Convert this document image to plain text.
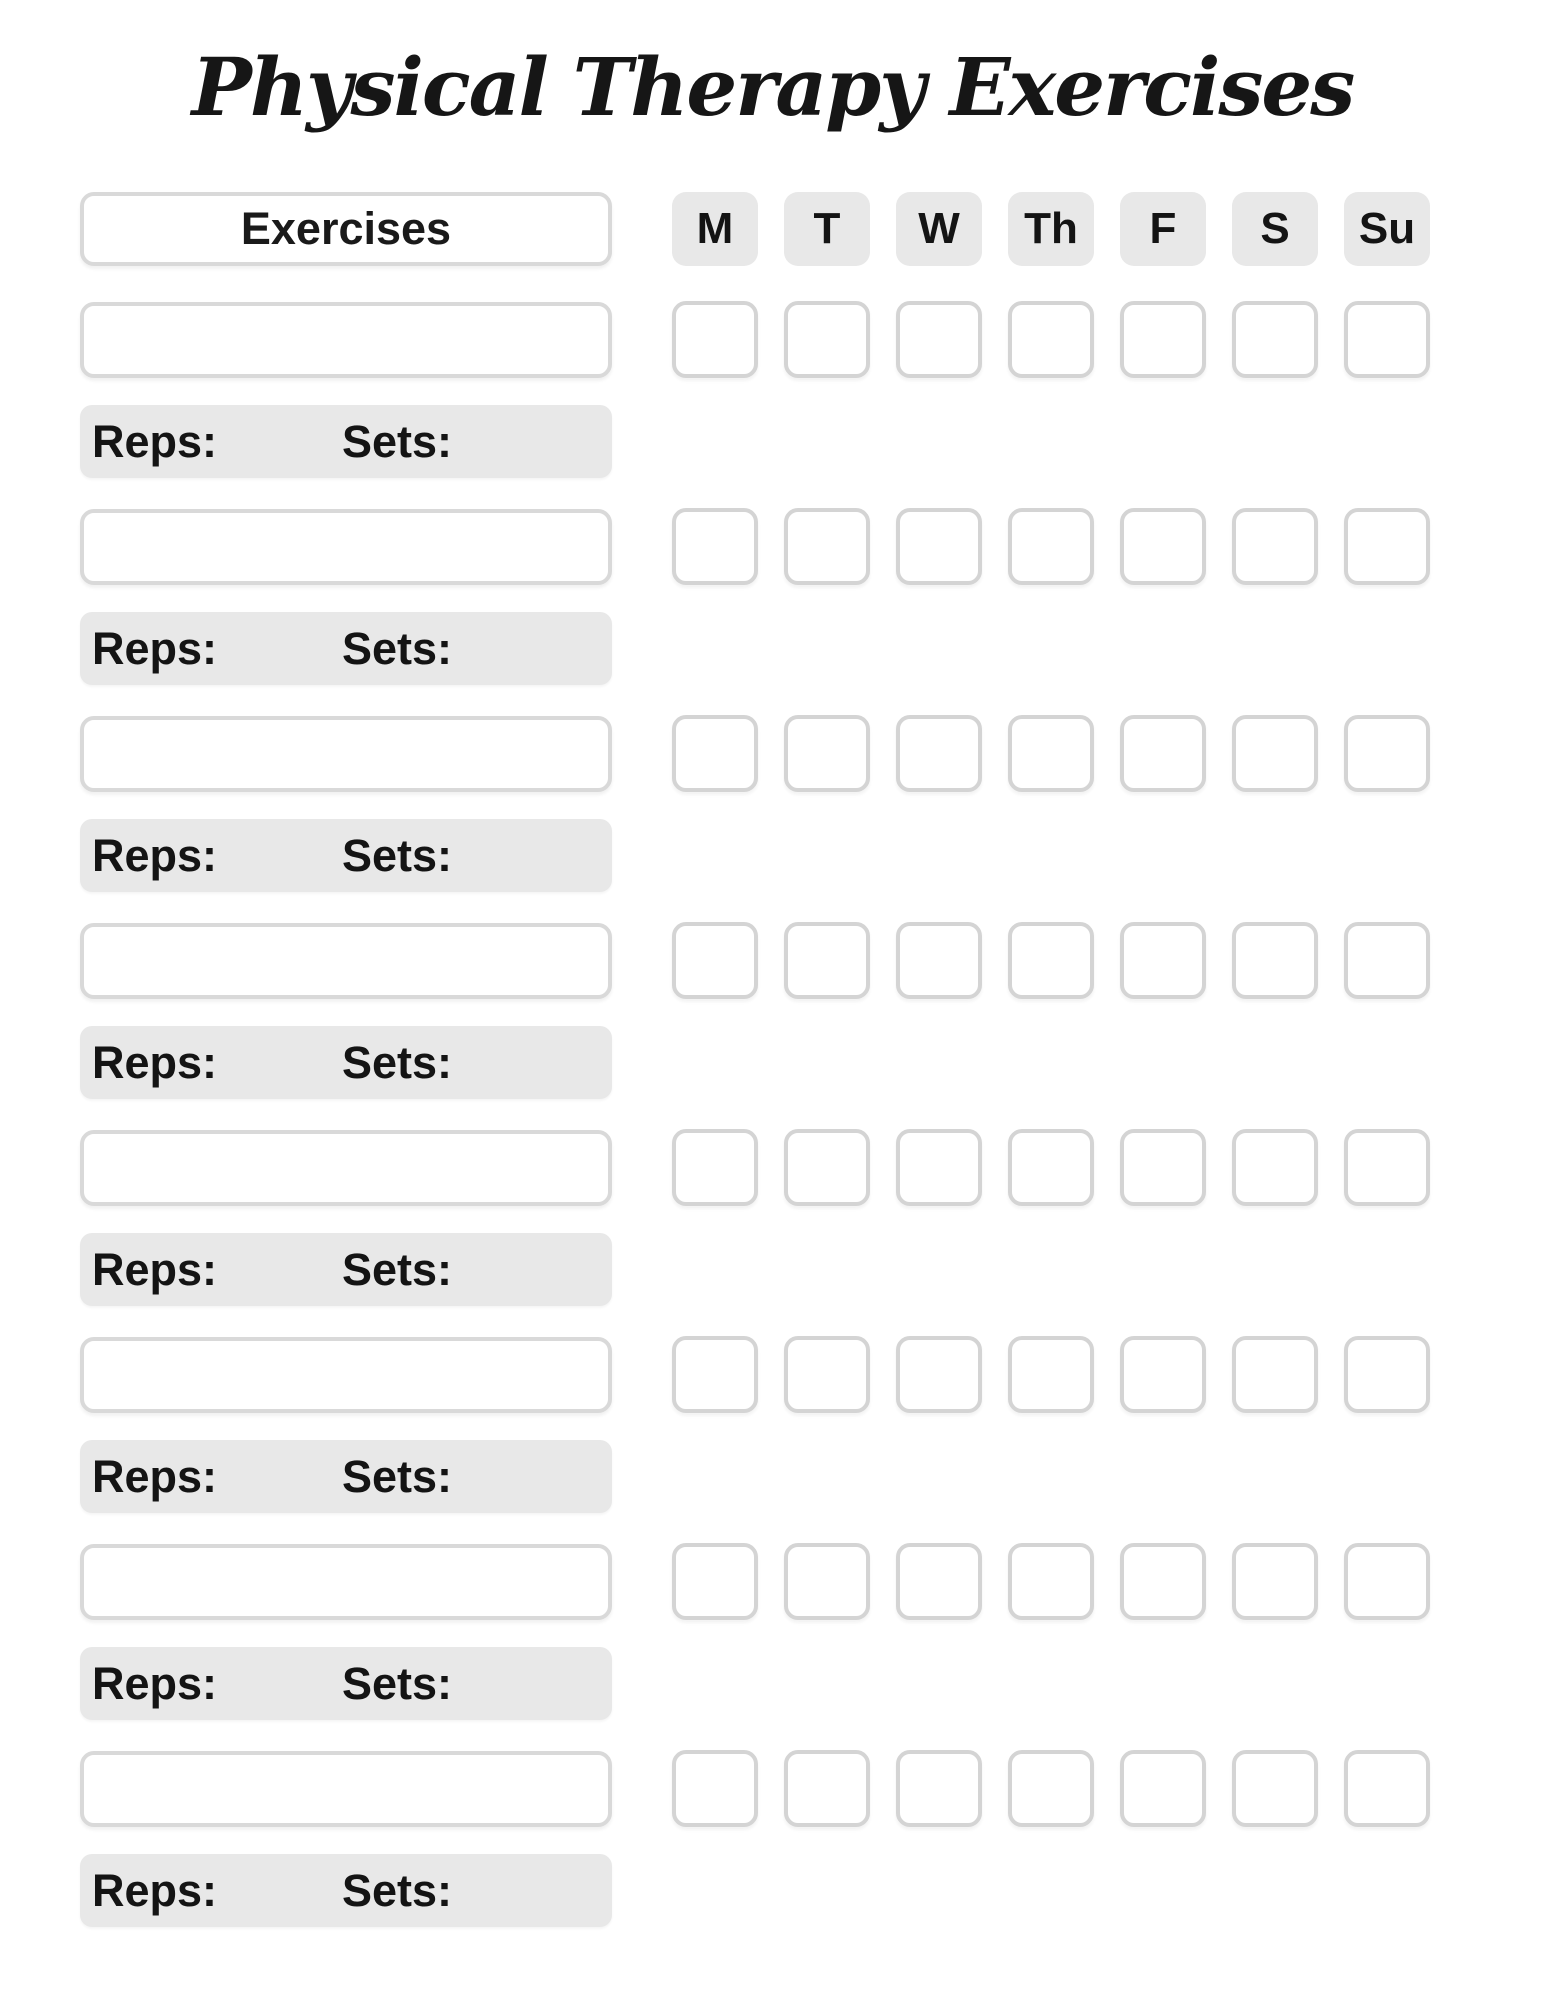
Physical Therapy Exercises
Exercises	M	T	W	Th	F	S	Su
Reps:	Sets:
Reps:	Sets:
Reps:	Sets:
Reps:	Sets:
Reps:	Sets:
Reps:	Sets:
Reps:	Sets:
Reps:	Sets:
